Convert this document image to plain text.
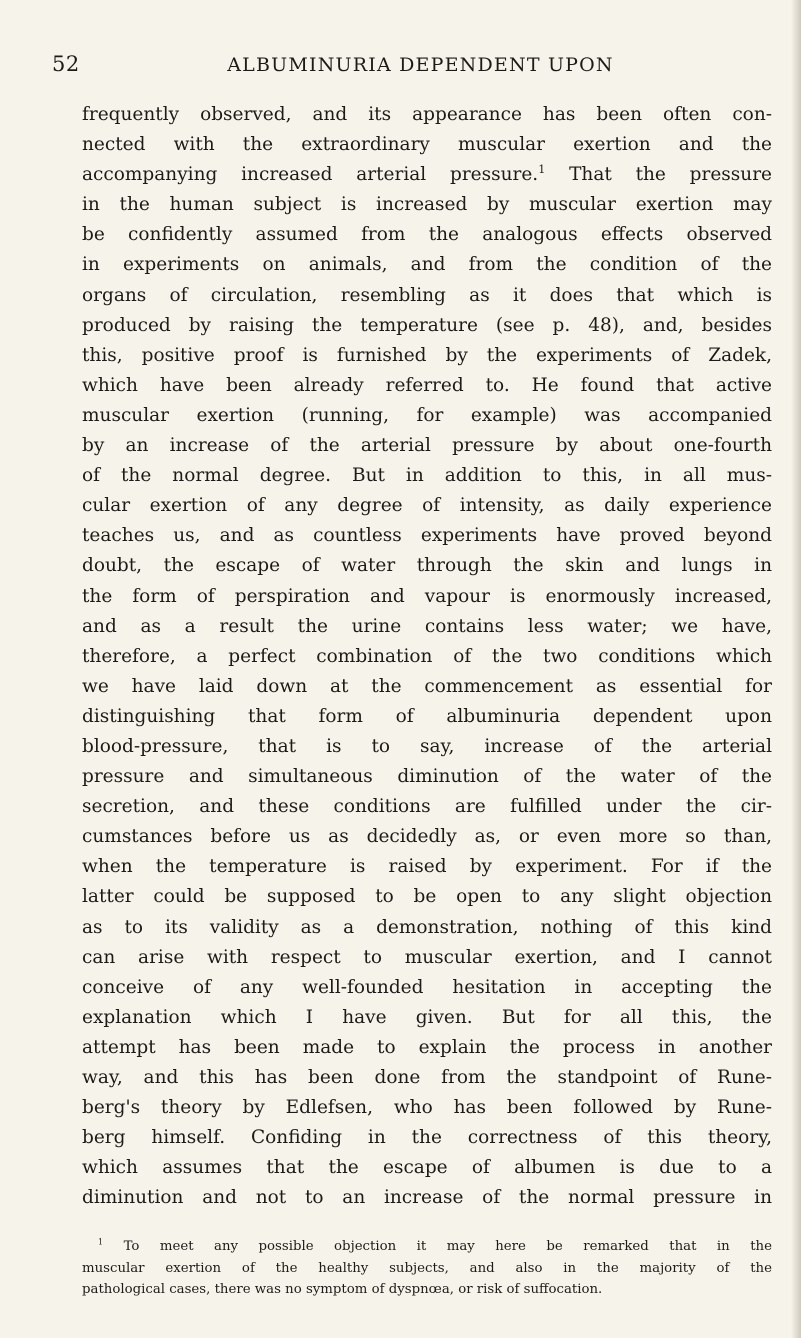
52	ALBUMINURIA DEPENDENT UPON
frequently observed, and its appearance has been often con-
nected with the extraordinary muscular exertion and the
accompanying increased arterial pressure.$^1$ That the pressure
in the human subject is increased by muscular exertion may
be confidently assumed from the analogous effects observed
in experiments on animals, and from the condition of the
organs of circulation, resembling as it does that which is
produced by raising the temperature (see p. 48), and, besides
this, positive proof is furnished by the experiments of Zadek,
which have been already referred to. He found that active
muscular exertion (running, for example) was accompanied
by an increase of the arterial pressure by about one-fourth
of the normal degree. But in addition to this, in all mus-
cular exertion of any degree of intensity, as daily experience
teaches us, and as countless experiments have proved beyond
doubt, the escape of water through the skin and lungs in
the form of perspiration and vapour is enormously increased,
and as a result the urine contains less water; we have,
therefore, a perfect combination of the two conditions which
we have laid down at the commencement as essential for
distinguishing that form of albuminuria dependent upon
blood-pressure, that is to say, increase of the arterial
pressure and simultaneous diminution of the water of the
secretion, and these conditions are fulfilled under the cir-
cumstances before us as decidedly as, or even more so than,
when the temperature is raised by experiment. For if the
latter could be supposed to be open to any slight objection
as to its validity as a demonstration, nothing of this kind
can arise with respect to muscular exertion, and I cannot
conceive of any well-founded hesitation in accepting the
explanation which I have given. But for all this, the
attempt has been made to explain the process in another
way, and this has been done from the standpoint of Rune-
berg's theory by Edlefsen, who has been followed by Rune-
berg himself. Confiding in the correctness of this theory,
which assumes that the escape of albumen is due to a
diminution and not to an increase of the normal pressure in
$^1$ To meet any possible objection it may here be remarked that in the
muscular exertion of the healthy subjects, and also in the majority of the
pathological cases, there was no symptom of dyspnœa, or risk of suffocation.
